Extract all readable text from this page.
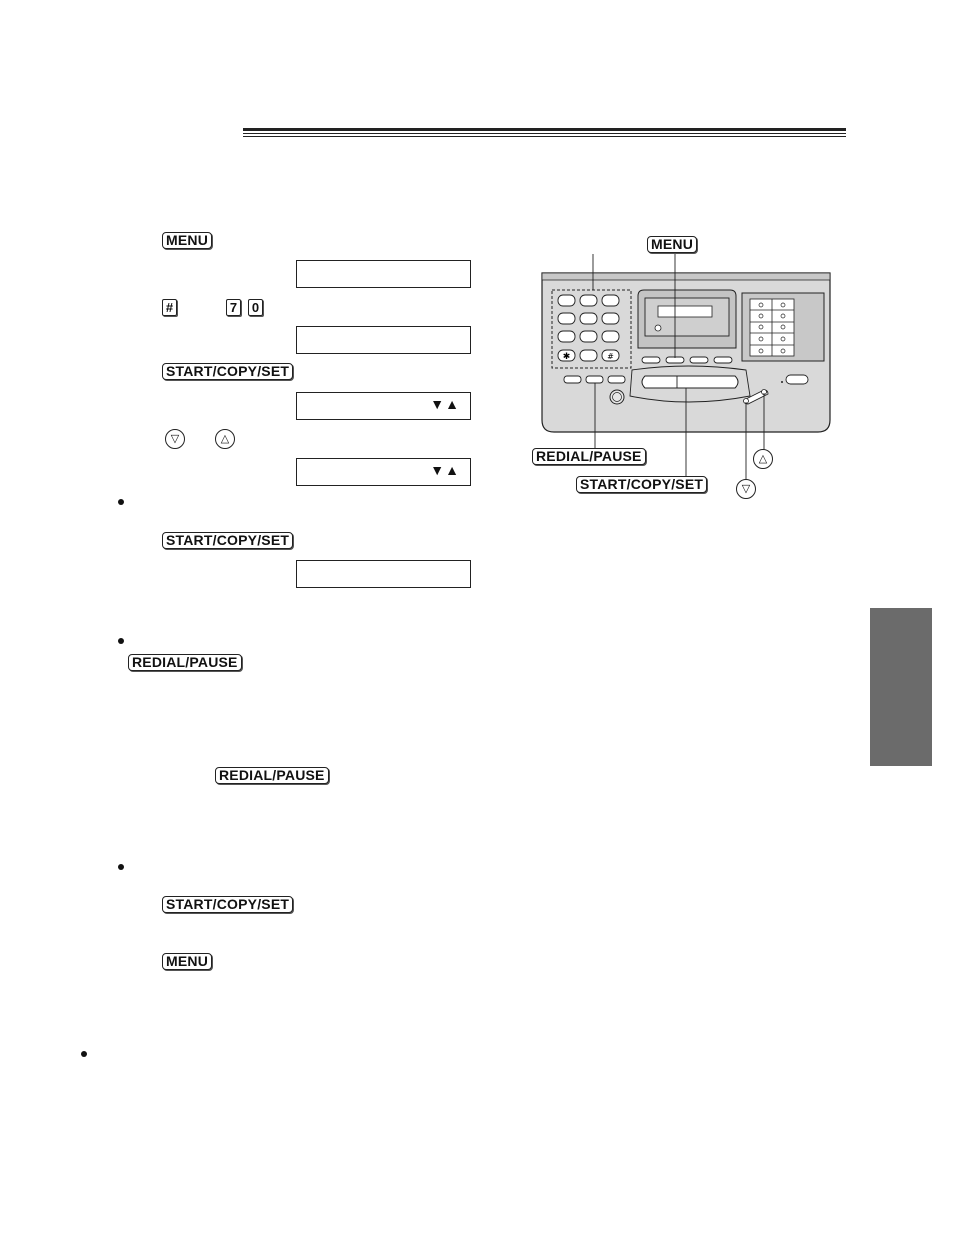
MENU
#	7 0
START/COPY/SET
▼▲
▽	△
▼▲
START/COPY/SET
REDIAL/PAUSE
REDIAL/PAUSE
START/COPY/SET
MENU
✱	#
MENU
REDIAL/PAUSE
START/COPY/SET
△
▽
